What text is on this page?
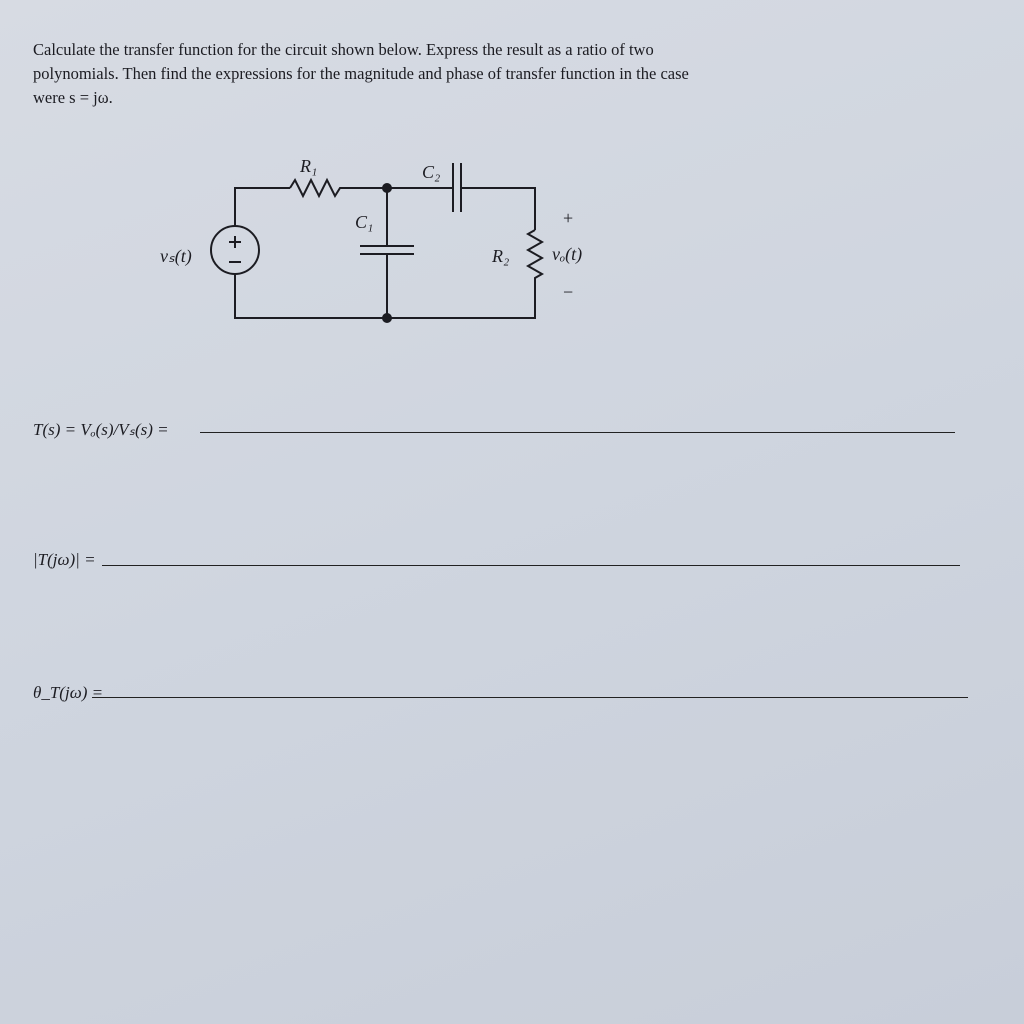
Calculate the transfer function for the circuit shown below. Express the result as a ratio of two

polynomials. Then find the expressions for the magnitude and phase of transfer function in the case

were s = jω.

R₁	C₂
C₁
R₂
vₛ(t)	vₒ(t)
+
−
T(s) = Vₒ(s)/Vₛ(s) =
|T(jω)| =
θ_T(jω) =
